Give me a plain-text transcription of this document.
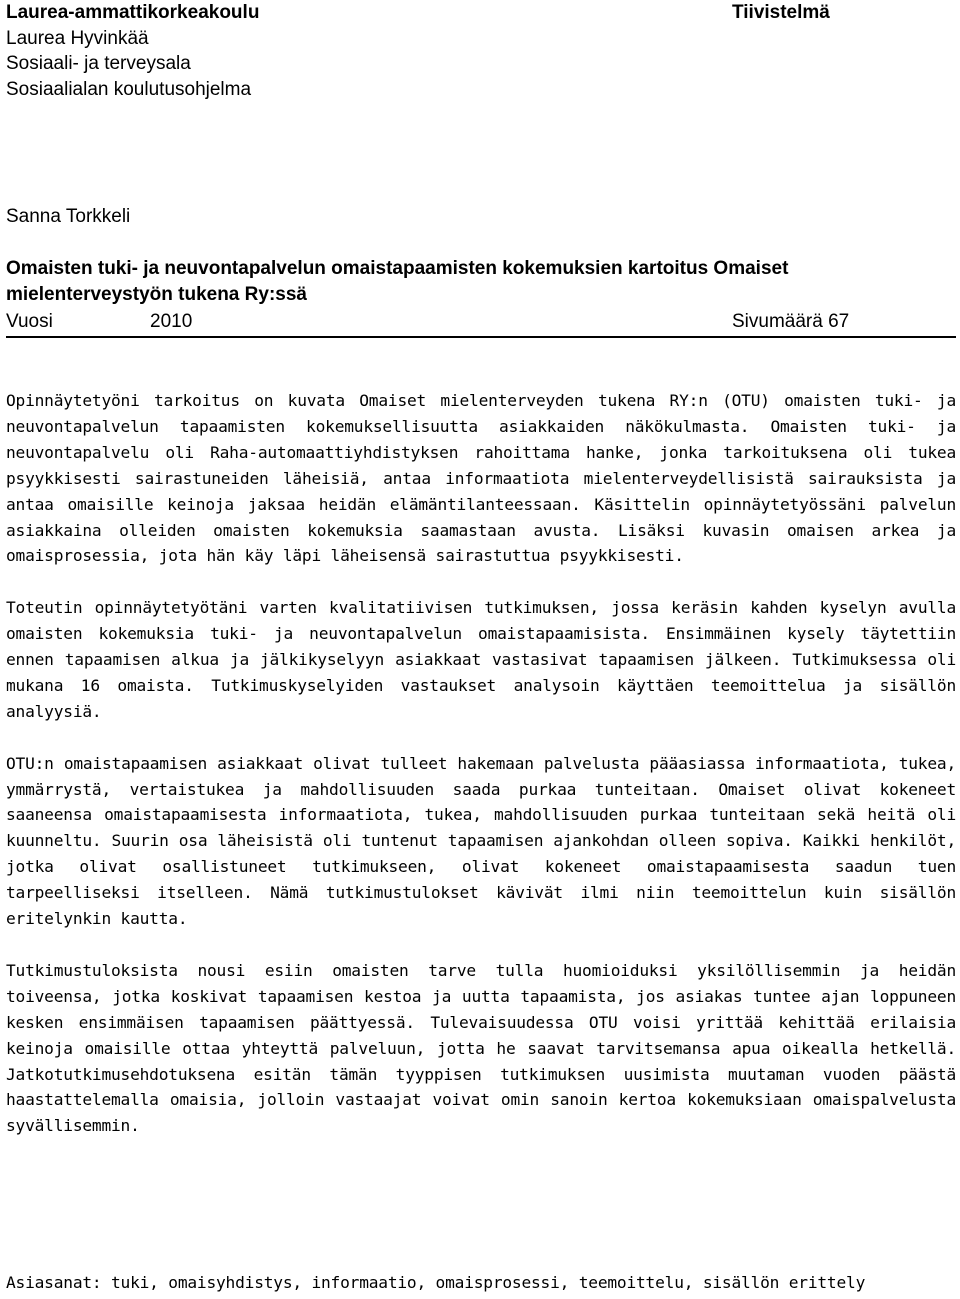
Laurea-ammattikorkeakoulu
Laurea Hyvinkää
Sosiaali- ja terveysala
Sosiaalialan koulutusohjelma
Tiivistelmä
Sanna Torkkeli
Omaisten tuki- ja neuvontapalvelun omaistapaamisten kokemuksien kartoitus Omaiset mielenterveystyön tukena Ry:ssä
Vuosi	2010	Sivumäärä 67

Opinnäytetyöni tarkoitus on kuvata Omaiset mielenterveyden tukena RY:n (OTU) omaisten tuki- ja neuvontapalvelun tapaamisten kokemuksellisuutta asiakkaiden näkökulmasta. Omaisten tuki- ja neuvontapalvelu oli Raha-automaattiyhdistyksen rahoittama hanke, jonka tarkoituksena oli tukea psyykkisesti sairastuneiden läheisiä, antaa informaatiota mielenterveydellisistä sairauksista ja antaa omaisille keinoja jaksaa heidän elämäntilanteessaan. Käsittelin opinnäytetyössäni palvelun asiakkaina olleiden omaisten kokemuksia saamastaan avusta. Lisäksi kuvasin omaisen arkea ja omaisprosessia, jota hän käy läpi läheisensä sairastuttua psyykkisesti.

Toteutin opinnäytetyötäni varten kvalitatiivisen tutkimuksen, jossa keräsin kahden kyselyn avulla omaisten kokemuksia tuki- ja neuvontapalvelun omaistapaamisista. Ensimmäinen kysely täytettiin ennen tapaamisen alkua ja jälkikyselyyn asiakkaat vastasivat tapaamisen jälkeen. Tutkimuksessa oli mukana 16 omaista. Tutkimuskyselyiden vastaukset analysoin käyttäen teemoittelua ja sisällön analyysiä.

OTU:n omaistapaamisen asiakkaat olivat tulleet hakemaan palvelusta pääasiassa informaatiota, tukea, ymmärrystä, vertaistukea ja mahdollisuuden saada purkaa tunteitaan. Omaiset olivat kokeneet saaneensa omaistapaamisesta informaatiota, tukea, mahdollisuuden purkaa tunteitaan sekä heitä oli kuunneltu. Suurin osa läheisistä oli tuntenut tapaamisen ajankohdan olleen sopiva. Kaikki henkilöt, jotka olivat osallistuneet tutkimukseen, olivat kokeneet omaistapaamisesta saadun tuen tarpeelliseksi itselleen. Nämä tutkimustulokset kävivät ilmi niin teemoittelun kuin sisällön eritelynkin kautta.

Tutkimustuloksista nousi esiin omaisten tarve tulla huomioiduksi yksilöllisemmin ja heidän toiveensa, jotka koskivat tapaamisen kestoa ja uutta tapaamista, jos asiakas tuntee ajan loppuneen kesken ensimmäisen tapaamisen päättyessä. Tulevaisuudessa OTU voisi yrittää kehittää erilaisia keinoja omaisille ottaa yhteyttä palveluun, jotta he saavat tarvitsemansa apua oikealla hetkellä. Jatkotutkimusehdotuksena esitän tämän tyyppisen tutkimuksen uusimista muutaman vuoden päästä haastattelemalla omaisia, jolloin vastaajat voivat omin sanoin kertoa kokemuksiaan omaispalvelusta syvällisemmin.

Asiasanat: tuki, omaisyhdistys, informaatio, omaisprosessi, teemoittelu, sisällön erittely
